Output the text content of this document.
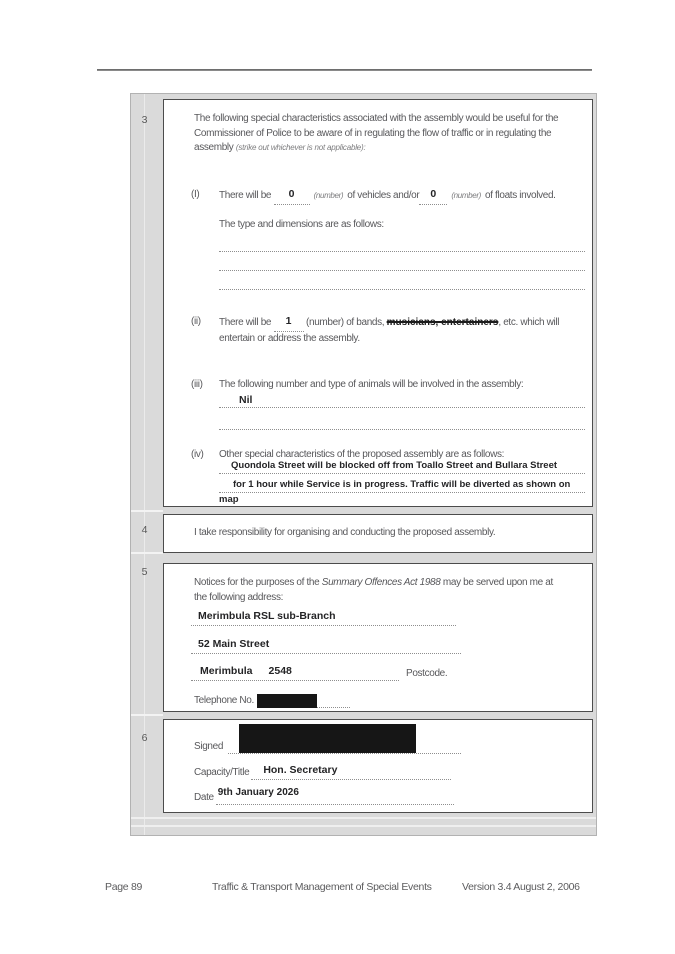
3
4
5
6
The following special characteristics associated with the assembly would be useful for the Commissioner of Police to be aware of in regulating the flow of traffic or in regulating the assembly (strike out whichever is not applicable):
(I)	There will be 0 (number) of vehicles and/or 0 (number) of floats involved.
The type and dimensions are as follows:
(ii)	There will be 1 (number) of bands, musicians, entertainers, etc. which will entertain or address the assembly.
(iii)	The following number and type of animals will be involved in the assembly:
Nil
(iv)	Other special characteristics of the proposed assembly are as follows:
Quondola Street will be blocked off from Toallo Street and Bullara Street
for 1 hour while Service is in progress. Traffic will be diverted as shown on map
I take responsibility for organising and conducting the proposed assembly.
Notices for the purposes of the Summary Offences Act 1988 may be served upon me at the following address:
Merimbula RSL sub-Branch
52 Main Street
Merimbula 2548	Postcode.
Telephone No.
Signed
Capacity/Title	Hon. Secretary
Date 9th January 2026
Page 89	Traffic & Transport Management of Special Events	Version 3.4 August 2, 2006
